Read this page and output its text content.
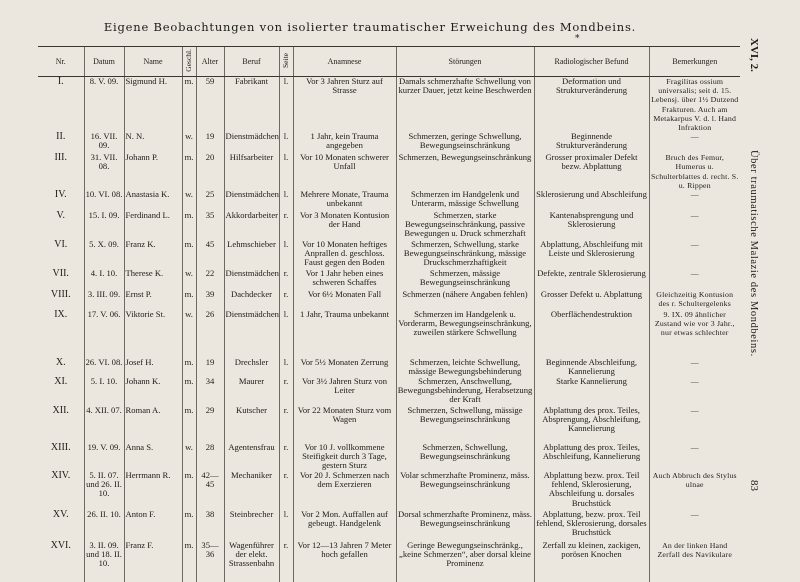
Eigene Beobachtungen von isolierter traumatischer Erweichung des Mondbeins.
*	XVI, 2.
Über traumatische Malazie des Mondbeins.
83
Nr.	Datum	Name	Geschl.	Alter	Beruf	Seite	Anamnese	Störungen	Radiologischer Befund	Bemerkungen
I.	8. V. 09.	Sigmund H.	m.	59	Fabrikant	l.	Vor 3 Jahren Sturz auf Strasse	Damals schmerzhafte Schwellung von kurzer Dauer, jetzt keine Beschwerden	Deformation und Strukturveränderung	Fragilitas ossium universalis; seit d. 15. Lebensj. über 1½ Dutzend Frakturen. Auch am Metakarpus V. d. l. Hand Infraktion
II.	16. VII. 09.	N. N.	w.	19	Dienstmädchen	l.	1 Jahr, kein Trauma angegeben	Schmerzen, geringe Schwellung, Bewegungseinschränkung	Beginnende Strukturveränderung	—
III.	31. VII. 08.	Johann P.	m.	20	Hilfsarbeiter	l.	Vor 10 Monaten schwerer Unfall	Schmerzen, Bewegungseinschränkung	Grosser proximaler Defekt bezw. Abplattung	Bruch des Femur, Humerus u. Schulterblattes d. recht. S. u. Rippen
IV.	10. VI. 08.	Anastasia K.	w.	25	Dienstmädchen	l.	Mehrere Monate, Trauma unbekannt	Schmerzen im Handgelenk und Unterarm, mässige Schwellung	Sklerosierung und Abschleifung	—
V.	15. I. 09.	Ferdinand L.	m.	35	Akkordarbeiter	r.	Vor 3 Monaten Kontusion der Hand	Schmerzen, starke Bewegungseinschränkung, passive Bewegungen u. Druck schmerzhaft	Kantenabsprengung und Sklerosierung	—
VI.	5. X. 09.	Franz K.	m.	45	Lehmschieber	l.	Vor 10 Monaten heftiges Anprallen d. geschloss. Faust gegen den Boden	Schmerzen, Schwellung, starke Bewegungseinschränkung, mässige Druckschmerzhaftigkeit	Abplattung, Abschleifung mit Leiste und Sklerosierung	—
VII.	4. I. 10.	Therese K.	w.	22	Dienstmädchen	r.	Vor 1 Jahr heben eines schweren Schaffes	Schmerzen, mässige Bewegungseinschränkung	Defekte, zentrale Sklerosierung	—
VIII.	3. III. 09.	Ernst P.	m.	39	Dachdecker	r.	Vor 6½ Monaten Fall	Schmerzen (nähere Angaben fehlen)	Grosser Defekt u. Abplattung	Gleichzeitig Kontusion des r. Schultergelenks
IX.	17. V. 06.	Viktorie St.	w.	26	Dienstmädchen	l.	1 Jahr, Trauma unbekannt	Schmerzen im Handgelenk u. Vorderarm, Bewegungseinschränkung, zuweilen stärkere Schwellung	Oberflächendestruktion	9. IX. 09 ähnlicher Zustand wie vor 3 Jahr., nur etwas schlechter
X.	26. VI. 08.	Josef H.	m.	19	Drechsler	l.	Vor 5½ Monaten Zerrung	Schmerzen, leichte Schwellung, mässige Bewegungsbehinderung	Beginnende Abschleifung, Kannelierung	—
XI.	5. I. 10.	Johann K.	m.	34	Maurer	r.	Vor 3½ Jahren Sturz von Leiter	Schmerzen, Anschwellung, Bewegungsbehinderung, Herabsetzung der Kraft	Starke Kannelierung	—
XII.	4. XII. 07.	Roman A.	m.	29	Kutscher	r.	Vor 22 Monaten Sturz vom Wagen	Schmerzen, Schwellung, mässige Bewegungseinschränkung	Abplattung des prox. Teiles, Absprengung, Abschleifung, Kannelierung	—
XIII.	19. V. 09.	Anna S.	w.	28	Agentensfrau	r.	Vor 10 J. vollkommene Steifigkeit durch 3 Tage, gestern Sturz	Schmerzen, Schwellung, Bewegungseinschränkung	Abplattung des prox. Teiles, Abschleifung, Kannelierung	—
XIV.	5. II. 07. und 26. II. 10.	Herrmann R.	m.	42—45	Mechaniker	r.	Vor 20 J. Schmerzen nach dem Exerzieren	Volar schmerzhafte Prominenz, mäss. Bewegungseinschränkung	Abplattung bezw. prox. Teil fehlend, Sklerosierung, Abschleifung u. dorsales Bruchstück	Auch Abbruch des Stylus ulnae
XV.	26. II. 10.	Anton F.	m.	38	Steinbrecher	l.	Vor 2 Mon. Auffallen auf gebeugt. Handgelenk	Dorsal schmerzhafte Prominenz, mäss. Bewegungseinschränkung	Abplattung, bezw. prox. Teil fehlend, Sklerosierung, dorsales Bruchstück	—
XVI.	3. II. 09. und 18. II. 10.	Franz F.	m.	35—36	Wagenführer der elekt. Strassenbahn	r.	Vor 12—13 Jahren 7 Meter hoch gefallen	Geringe Bewegungseinschränkg., „keine Schmerzen“, aber dorsal kleine Prominenz	Zerfall zu kleinen, zackigen, porösen Knochen	An der linken Hand Zerfall des Navikulare
